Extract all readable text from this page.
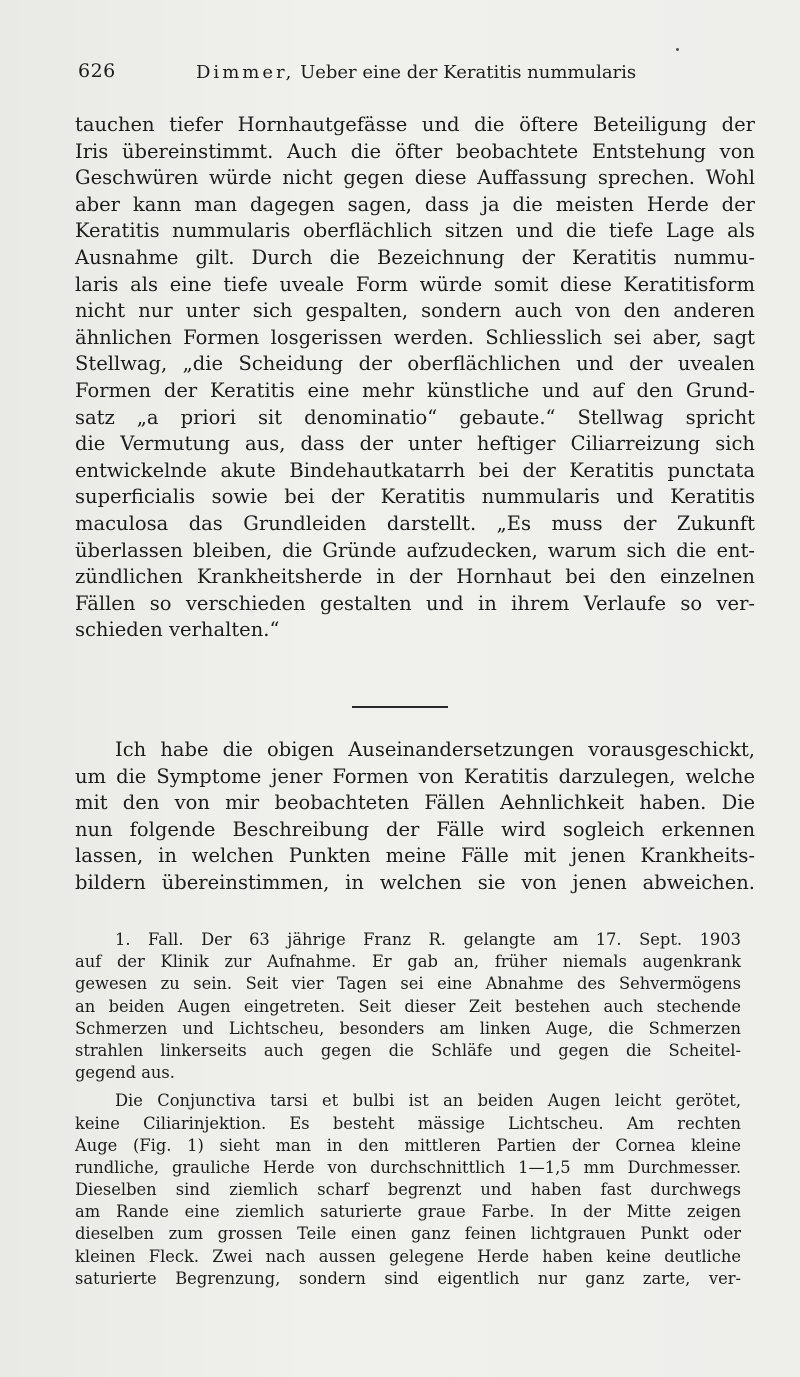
626	Dimmer, Ueber eine der Keratitis nummularis
tauchen tiefer Hornhautgefässe und die öftere Beteiligung der
Iris übereinstimmt. Auch die öfter beobachtete Entstehung von
Geschwüren würde nicht gegen diese Auffassung sprechen. Wohl
aber kann man dagegen sagen, dass ja die meisten Herde der
Keratitis nummularis oberflächlich sitzen und die tiefe Lage als
Ausnahme gilt. Durch die Bezeichnung der Keratitis nummu-
laris als eine tiefe uveale Form würde somit diese Keratitisform
nicht nur unter sich gespalten, sondern auch von den anderen
ähnlichen Formen losgerissen werden. Schliesslich sei aber, sagt
Stellwag, „die Scheidung der oberflächlichen und der uvealen
Formen der Keratitis eine mehr künstliche und auf den Grund-
satz „a priori sit denominatio“ gebaute.“ Stellwag spricht
die Vermutung aus, dass der unter heftiger Ciliarreizung sich
entwickelnde akute Bindehautkatarrh bei der Keratitis punctata
superficialis sowie bei der Keratitis nummularis und Keratitis
maculosa das Grundleiden darstellt. „Es muss der Zukunft
überlassen bleiben, die Gründe aufzudecken, warum sich die ent-
zündlichen Krankheitsherde in der Hornhaut bei den einzelnen
Fällen so verschieden gestalten und in ihrem Verlaufe so ver-
schieden verhalten.“
Ich habe die obigen Auseinandersetzungen vorausgeschickt,
um die Symptome jener Formen von Keratitis darzulegen, welche
mit den von mir beobachteten Fällen Aehnlichkeit haben. Die
nun folgende Beschreibung der Fälle wird sogleich erkennen
lassen, in welchen Punkten meine Fälle mit jenen Krankheits-
bildern übereinstimmen, in welchen sie von jenen abweichen.
1. Fall. Der 63 jährige Franz R. gelangte am 17. Sept. 1903
auf der Klinik zur Aufnahme. Er gab an, früher niemals augenkrank
gewesen zu sein. Seit vier Tagen sei eine Abnahme des Sehvermögens
an beiden Augen eingetreten. Seit dieser Zeit bestehen auch stechende
Schmerzen und Lichtscheu, besonders am linken Auge, die Schmerzen
strahlen linkerseits auch gegen die Schläfe und gegen die Scheitel-
gegend aus.
Die Conjunctiva tarsi et bulbi ist an beiden Augen leicht gerötet,
keine Ciliarinjektion. Es besteht mässige Lichtscheu. Am rechten
Auge (Fig. 1) sieht man in den mittleren Partien der Cornea kleine
rundliche, grauliche Herde von durchschnittlich 1—1,5 mm Durchmesser.
Dieselben sind ziemlich scharf begrenzt und haben fast durchwegs
am Rande eine ziemlich saturierte graue Farbe. In der Mitte zeigen
dieselben zum grossen Teile einen ganz feinen lichtgrauen Punkt oder
kleinen Fleck. Zwei nach aussen gelegene Herde haben keine deutliche
saturierte Begrenzung, sondern sind eigentlich nur ganz zarte, ver-
